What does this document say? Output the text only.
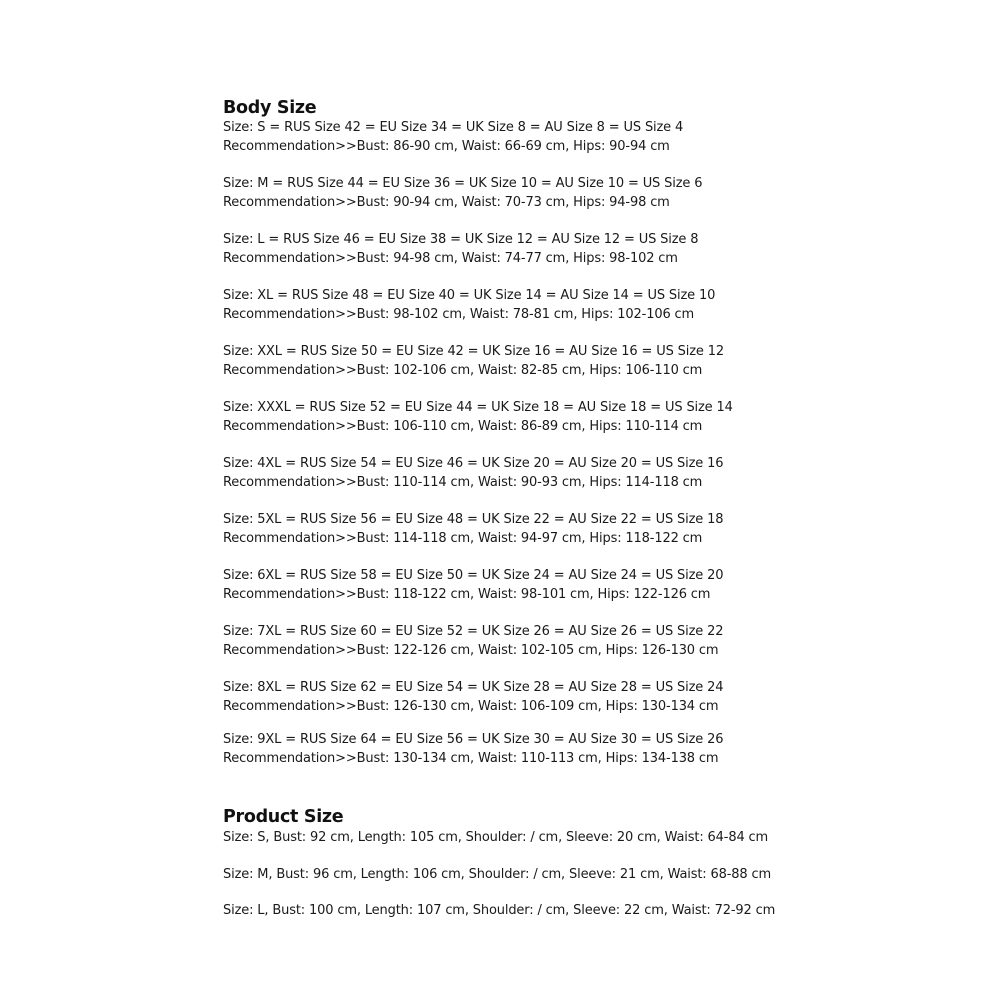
Body Size
Size: S = RUS Size 42 = EU Size 34 = UK Size 8 = AU Size 8 = US Size 4
Recommendation>>Bust: 86-90 cm, Waist: 66-69 cm, Hips: 90-94 cm
Size: M = RUS Size 44 = EU Size 36 = UK Size 10 = AU Size 10 = US Size 6
Recommendation>>Bust: 90-94 cm, Waist: 70-73 cm, Hips: 94-98 cm
Size: L = RUS Size 46 = EU Size 38 = UK Size 12 = AU Size 12 = US Size 8
Recommendation>>Bust: 94-98 cm, Waist: 74-77 cm, Hips: 98-102 cm
Size: XL = RUS Size 48 = EU Size 40 = UK Size 14 = AU Size 14 = US Size 10
Recommendation>>Bust: 98-102 cm, Waist: 78-81 cm, Hips: 102-106 cm
Size: XXL = RUS Size 50 = EU Size 42 = UK Size 16 = AU Size 16 = US Size 12
Recommendation>>Bust: 102-106 cm, Waist: 82-85 cm, Hips: 106-110 cm
Size: XXXL = RUS Size 52 = EU Size 44 = UK Size 18 = AU Size 18 = US Size 14
Recommendation>>Bust: 106-110 cm, Waist: 86-89 cm, Hips: 110-114 cm
Size: 4XL = RUS Size 54 = EU Size 46 = UK Size 20 = AU Size 20 = US Size 16
Recommendation>>Bust: 110-114 cm, Waist: 90-93 cm, Hips: 114-118 cm
Size: 5XL = RUS Size 56 = EU Size 48 = UK Size 22 = AU Size 22 = US Size 18
Recommendation>>Bust: 114-118 cm, Waist: 94-97 cm, Hips: 118-122 cm
Size: 6XL = RUS Size 58 = EU Size 50 = UK Size 24 = AU Size 24 = US Size 20
Recommendation>>Bust: 118-122 cm, Waist: 98-101 cm, Hips: 122-126 cm
Size: 7XL = RUS Size 60 = EU Size 52 = UK Size 26 = AU Size 26 = US Size 22
Recommendation>>Bust: 122-126 cm, Waist: 102-105 cm, Hips: 126-130 cm
Size: 8XL = RUS Size 62 = EU Size 54 = UK Size 28 = AU Size 28 = US Size 24
Recommendation>>Bust: 126-130 cm, Waist: 106-109 cm, Hips: 130-134 cm
Size: 9XL = RUS Size 64 = EU Size 56 = UK Size 30 = AU Size 30 = US Size 26
Recommendation>>Bust: 130-134 cm, Waist: 110-113 cm, Hips: 134-138 cm
Product Size
Size: S, Bust: 92 cm, Length: 105 cm, Shoulder: / cm, Sleeve: 20 cm, Waist: 64-84 cm
Size: M, Bust: 96 cm, Length: 106 cm, Shoulder: / cm, Sleeve: 21 cm, Waist: 68-88 cm
Size: L, Bust: 100 cm, Length: 107 cm, Shoulder: / cm, Sleeve: 22 cm, Waist: 72-92 cm
